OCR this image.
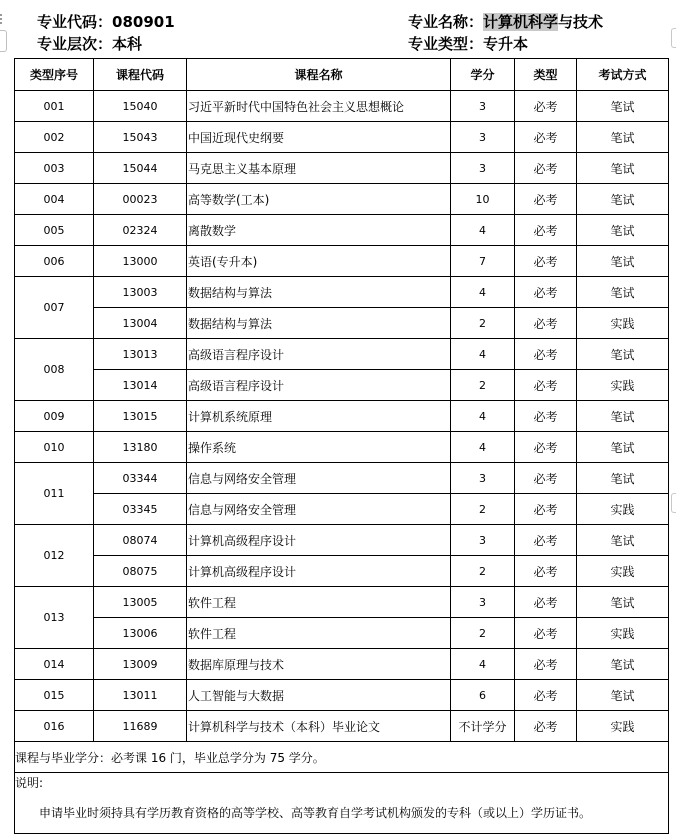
专业代码：080901
专业层次：本科
专业名称：计算机科学与技术
专业类型：专升本
类型序号	课程代码	课程名称	学分	类型	考试方式
001	15040	习近平新时代中国特色社会主义思想概论	3	必考	笔试
002	15043	中国近现代史纲要	3	必考	笔试
003	15044	马克思主义基本原理	3	必考	笔试
004	00023	高等数学(工本)	10	必考	笔试
005	02324	离散数学	4	必考	笔试
006	13000	英语(专升本)	7	必考	笔试
007	13003	数据结构与算法	4	必考	笔试
	13004	数据结构与算法	2	必考	实践
008	13013	高级语言程序设计	4	必考	笔试
	13014	高级语言程序设计	2	必考	实践
009	13015	计算机系统原理	4	必考	笔试
010	13180	操作系统	4	必考	笔试
011	03344	信息与网络安全管理	3	必考	笔试
	03345	信息与网络安全管理	2	必考	实践
012	08074	计算机高级程序设计	3	必考	笔试
	08075	计算机高级程序设计	2	必考	实践
013	13005	软件工程	3	必考	笔试
	13006	软件工程	2	必考	实践
014	13009	数据库原理与技术	4	必考	笔试
015	13011	人工智能与大数据	6	必考	笔试
016	11689	计算机科学与技术（本科）毕业论文	不计学分	必考	实践
课程与毕业学分：必考课 16 门，毕业总学分为 75 学分。					

说明:
申请毕业时须持具有学历教育资格的高等学校、高等教育自学考试机构颁发的专科（或以上）学历证书。					
